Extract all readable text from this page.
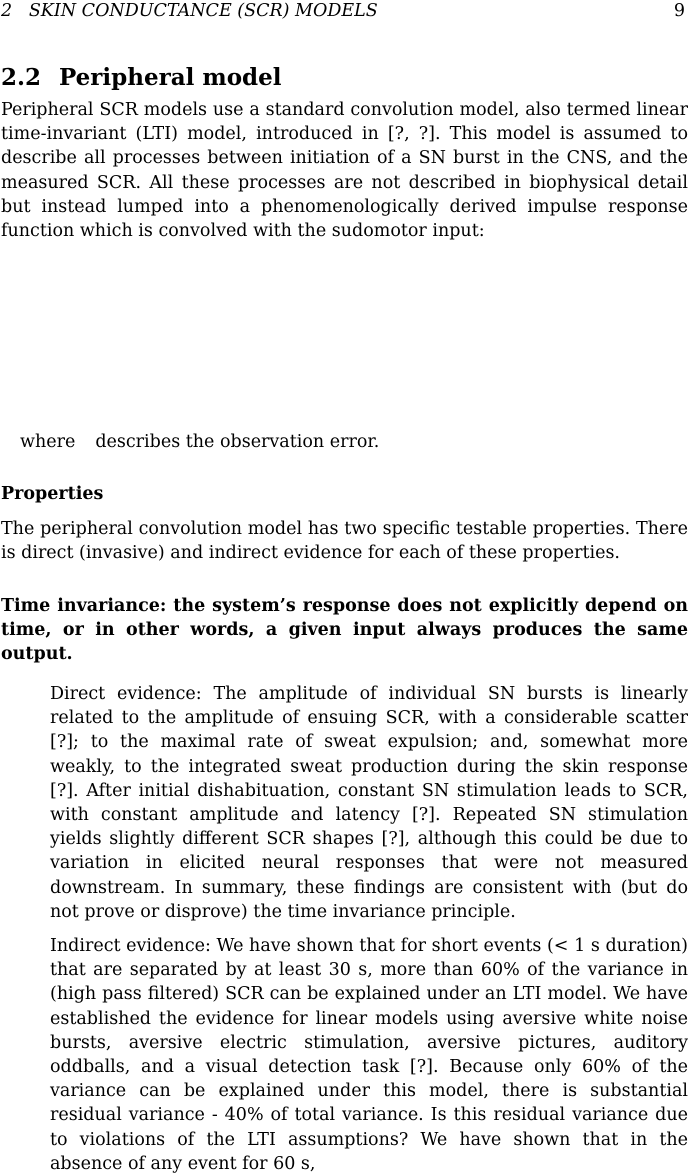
2   SKIN CONDUCTANCE (SCR) MODELS	9
2.2 Peripheral model

Peripheral SCR models use a standard convolution model, also termed linear time-invariant (LTI) model, introduced in [?, ?]. This model is assumed to describe all processes between initiation of a SN burst in the CNS, and the measured SCR. All these processes are not described in biophysical detail but instead lumped into a phenomenologically derived impulse response function which is convolved with the sudomotor input:

where describes the observation error.
Properties

The peripheral convolution model has two specific testable properties. There is direct (invasive) and indirect evidence for each of these properties.

Time invariance: the system’s response does not explicitly depend on time, or in other words, a given input always produces the same output.

Direct evidence: The amplitude of individual SN bursts is linearly related to the amplitude of ensuing SCR, with a considerable scatter [?]; to the maximal rate of sweat expulsion; and, somewhat more weakly, to the integrated sweat production during the skin response [?]. After initial dishabituation, constant SN stimulation leads to SCR, with constant amplitude and latency [?]. Repeated SN stimulation yields slightly different SCR shapes [?], although this could be due to variation in elicited neural responses that were not measured downstream. In summary, these findings are consistent with (but do not prove or disprove) the time invariance principle.

Indirect evidence: We have shown that for short events (< 1 s duration) that are separated by at least 30 s, more than 60% of the variance in (high pass filtered) SCR can be explained under an LTI model. We have established the evidence for linear models using aversive white noise bursts, aversive electric stimulation, aversive pictures, auditory oddballs, and a visual detection task [?]. Because only 60% of the variance can be explained under this model, there is substantial residual variance - 40% of total variance. Is this residual variance due to violations of the LTI assumptions? We have shown that in the absence of any event for 60 s,
